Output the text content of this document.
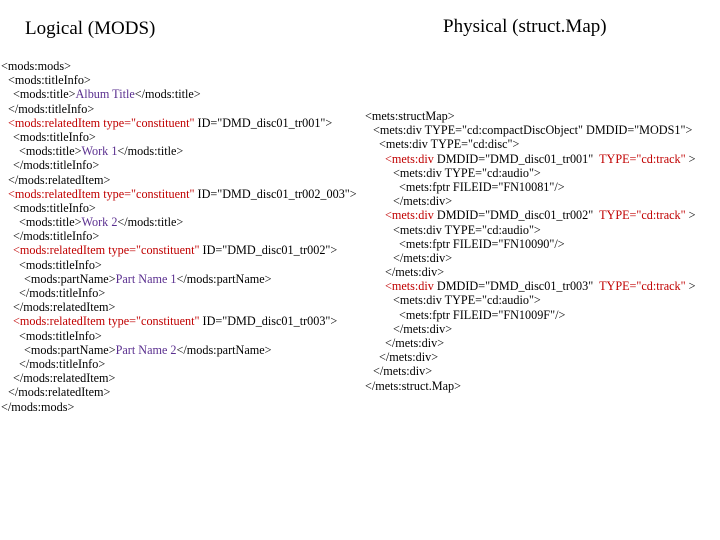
Logical (MODS)	Physical (struct.Map)
<mods:mods>
<mods:titleInfo>
<mods:title>Album Title</mods:title>
</mods:titleInfo>
<mods:relatedItem type="constituent" ID="DMD_disc01_tr001">
<mods:titleInfo>
<mods:title>Work 1</mods:title>
</mods:titleInfo>
</mods:relatedItem>
<mods:relatedItem type="constituent" ID="DMD_disc01_tr002_003">
<mods:titleInfo>
<mods:title>Work 2</mods:title>
</mods:titleInfo>
<mods:relatedItem type="constituent" ID="DMD_disc01_tr002">
<mods:titleInfo>
<mods:partName>Part Name 1</mods:partName>
</mods:titleInfo>
</mods:relatedItem>
<mods:relatedItem type="constituent" ID="DMD_disc01_tr003">
<mods:titleInfo>
<mods:partName>Part Name 2</mods:partName>
</mods:titleInfo>
</mods:relatedItem>
</mods:relatedItem>
</mods:mods>
<mets:structMap>
<mets:div TYPE="cd:compactDiscObject" DMDID="MODS1">
<mets:div TYPE="cd:disc">
<mets:div DMDID="DMD_disc01_tr001"  TYPE="cd:track" >
<mets:div TYPE="cd:audio">
<mets:fptr FILEID="FN10081"/>
</mets:div>
<mets:div DMDID="DMD_disc01_tr002"  TYPE="cd:track" >
<mets:div TYPE="cd:audio">
<mets:fptr FILEID="FN10090"/>
</mets:div>
</mets:div>
<mets:div DMDID="DMD_disc01_tr003"  TYPE="cd:track" >
<mets:div TYPE="cd:audio">
<mets:fptr FILEID="FN1009F"/>
</mets:div>
</mets:div>
</mets:div>
</mets:div>
</mets:struct.Map>
